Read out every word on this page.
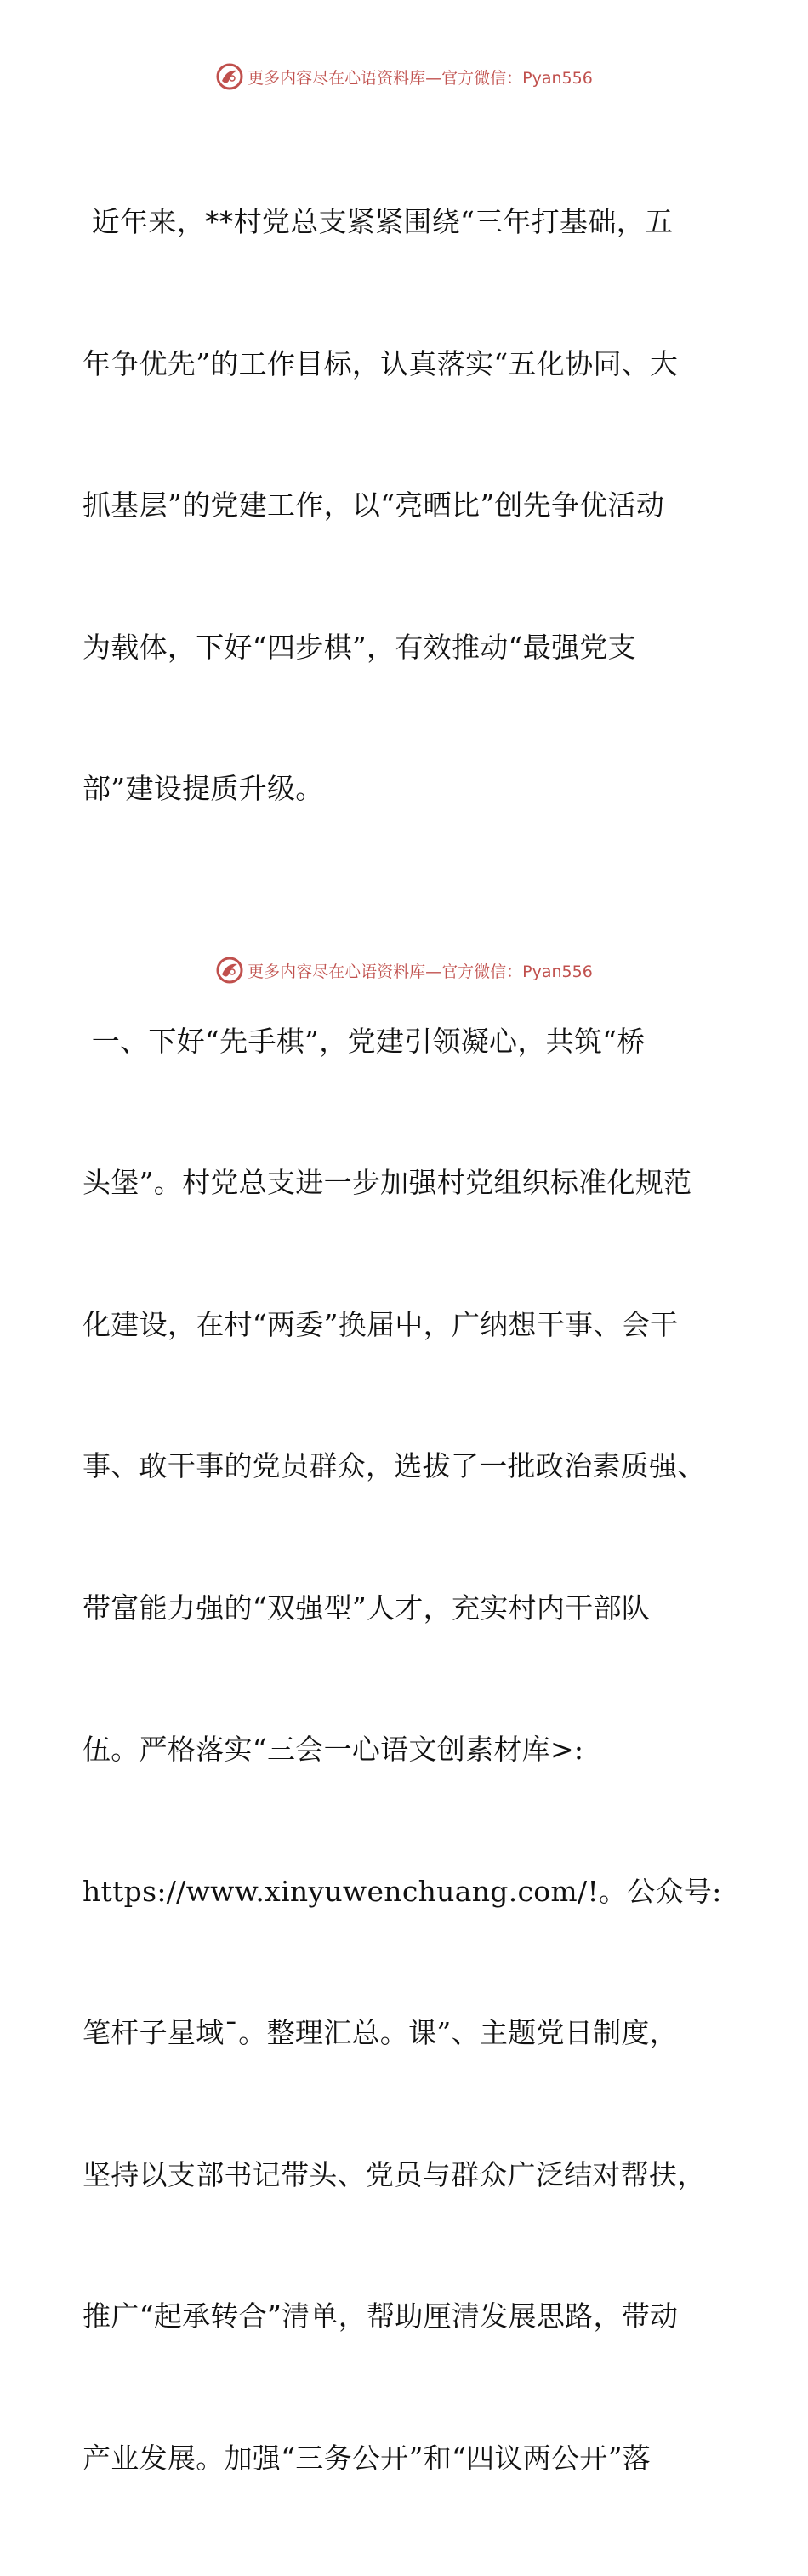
更多内容尽在心语资料库—官方微信：Pyan556

近年来，**村党总支紧紧围绕“三年打基础，五

年争优先”的工作目标，认真落实“五化协同、大

抓基层”的党建工作，以“亮晒比”创先争优活动

为载体，下好“四步棋”，有效推动“最强党支

部”建设提质升级。

一、下好“先手棋”，党建引领凝心，共筑“桥

头堡”。村党总支进一步加强村党组织标准化规范

化建设，在村“两委”换届中，广纳想干事、会干

事、敢干事的党员群众，选拔了一批政治素质强、

带富能力强的“双强型”人才，充实村内干部队

伍。严格落实“三会一心语文创素材库>:

https://www.xinyuwenchuang.com/!。公众号:

笔杆子星域¯。整理汇总。课”、主题党日制度，

坚持以支部书记带头、党员与群众广泛结对帮扶，

推广“起承转合”清单，帮助厘清发展思路，带动

产业发展。加强“三务公开”和“四议两公开”落

更多内容尽在心语资料库—官方微信：Pyan556
